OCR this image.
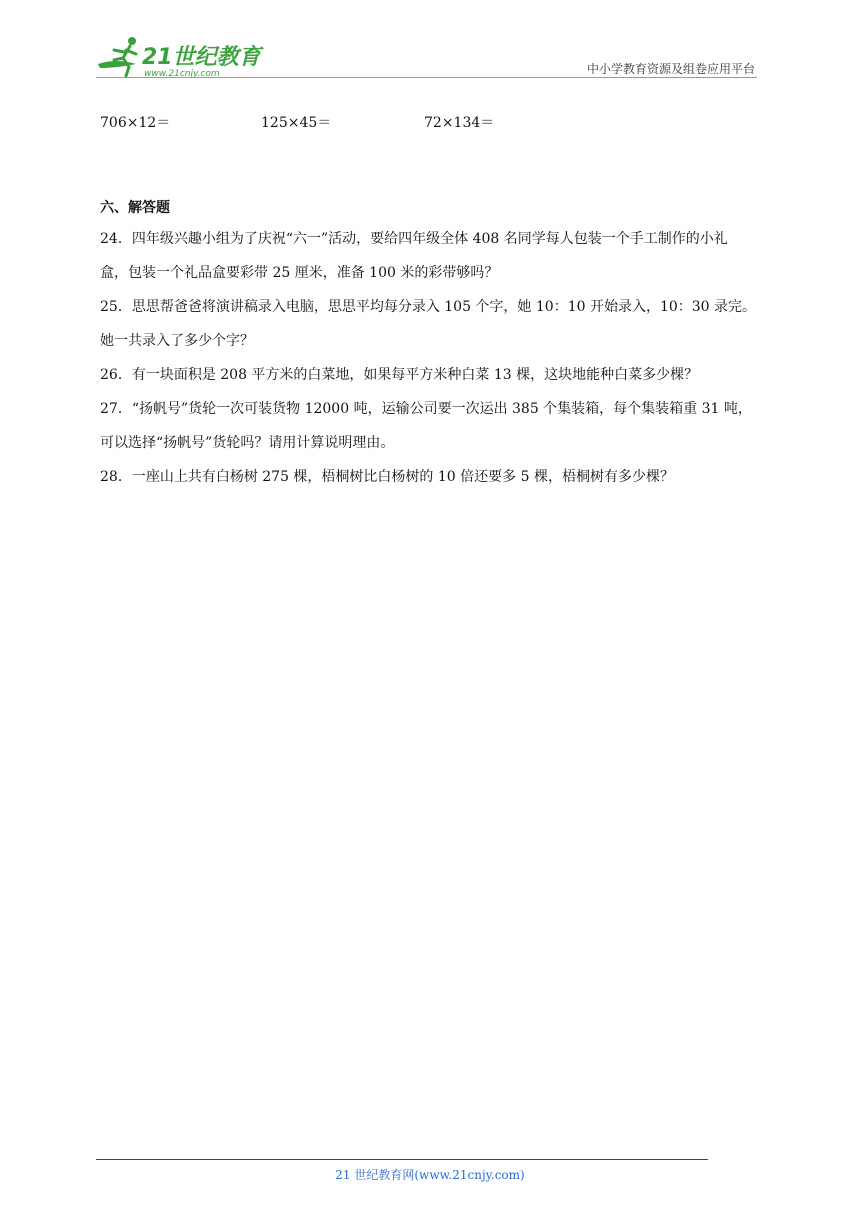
21世纪教育
www.21cnjy.com	中小学教育资源及组卷应用平台
706×12＝	125×45＝	72×134＝
六、解答题
24．四年级兴趣小组为了庆祝“六一”活动，要给四年级全体 408 名同学每人包装一个手工制作的小礼
盒，包装一个礼品盒要彩带 25 厘米，准备 100 米的彩带够吗？
25．思思帮爸爸将演讲稿录入电脑，思思平均每分录入 105 个字，她 10：10 开始录入，10：30 录完。
她一共录入了多少个字？
26．有一块面积是 208 平方米的白菜地，如果每平方米种白菜 13 棵，这块地能种白菜多少棵？
27．“扬帆号”货轮一次可装货物 12000 吨，运输公司要一次运出 385 个集装箱，每个集装箱重 31 吨，
可以选择“扬帆号”货轮吗？请用计算说明理由。
28．一座山上共有白杨树 275 棵，梧桐树比白杨树的 10 倍还要多 5 棵，梧桐树有多少棵？
21 世纪教育网(www.21cnjy.com)
